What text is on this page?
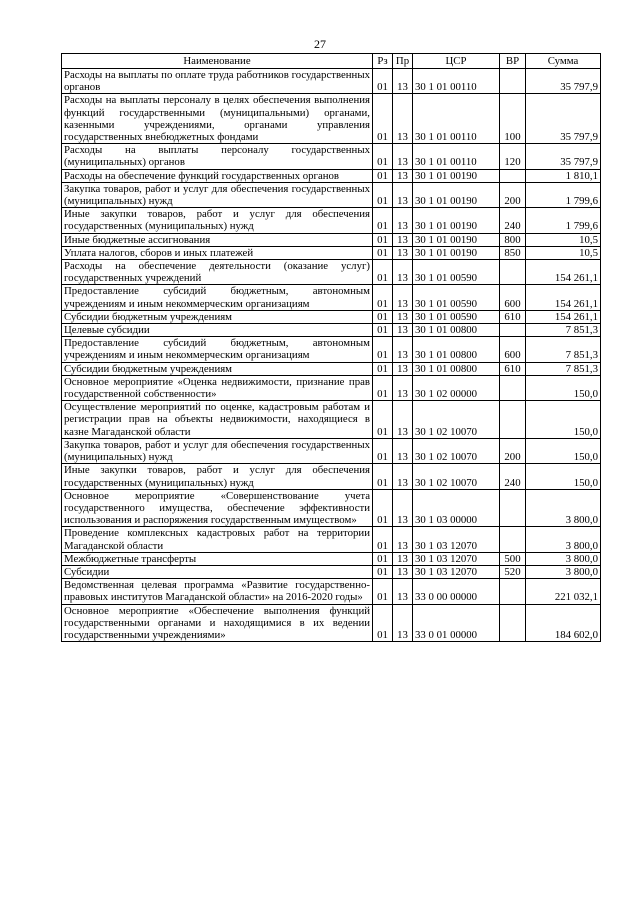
27
Наименование	Рз	Пр	ЦСР	ВР	Сумма
Расходы на выплаты по оплате труда работников государственных органов	01	13	30 1 01 00110		35 797,9
Расходы на выплаты персоналу в целях обеспечения выполнения функций государственными (муниципальными) органами, казенными учреждениями, органами управления государственных внебюджетных фондами	01	13	30 1 01 00110	100	35 797,9
Расходы на выплаты персоналу государственных (муниципальных) органов	01	13	30 1 01 00110	120	35 797,9
Расходы на обеспечение функций государственных органов	01	13	30 1 01 00190		1 810,1
Закупка товаров, работ и услуг для обеспечения государственных (муниципальных) нужд	01	13	30 1 01 00190	200	1 799,6
Иные закупки товаров, работ и услуг для обеспечения государственных (муниципальных) нужд	01	13	30 1 01 00190	240	1 799,6
Иные бюджетные ассигнования	01	13	30 1 01 00190	800	10,5
Уплата налогов, сборов и иных платежей	01	13	30 1 01 00190	850	10,5
Расходы на обеспечение деятельности (оказание услуг) государственных учреждений	01	13	30 1 01 00590		154 261,1
Предоставление субсидий бюджетным, автономным учреждениям и иным некоммерческим организациям	01	13	30 1 01 00590	600	154 261,1
Субсидии бюджетным учреждениям	01	13	30 1 01 00590	610	154 261,1
Целевые субсидии	01	13	30 1 01 00800		7 851,3
Предоставление субсидий бюджетным, автономным учреждениям и иным некоммерческим организациям	01	13	30 1 01 00800	600	7 851,3
Субсидии бюджетным учреждениям	01	13	30 1 01 00800	610	7 851,3
Основное мероприятие «Оценка недвижимости, признание прав государственной собственности»	01	13	30 1 02 00000		150,0
Осуществление мероприятий по оценке, кадастровым работам и регистрации прав на объекты недвижимости, находящиеся в казне Магаданской области	01	13	30 1 02 10070		150,0
Закупка товаров, работ и услуг для обеспечения государственных (муниципальных) нужд	01	13	30 1 02 10070	200	150,0
Иные закупки товаров, работ и услуг для обеспечения государственных (муниципальных) нужд	01	13	30 1 02 10070	240	150,0
Основное мероприятие «Совершенствование учета государственного имущества, обеспечение эффективности использования и распоряжения государственным имуществом»	01	13	30 1 03 00000		3 800,0
Проведение комплексных кадастровых работ на территории Магаданской области	01	13	30 1 03 12070		3 800,0
Межбюджетные трансферты	01	13	30 1 03 12070	500	3 800,0
Субсидии	01	13	30 1 03 12070	520	3 800,0
Ведомственная целевая программа «Развитие государственно-правовых институтов Магаданской области» на 2016-2020 годы»	01	13	33 0 00 00000		221 032,1
Основное мероприятие «Обеспечение выполнения функций государственными органами и находящимися в их ведении государственными учреждениями»	01	13	33 0 01 00000		184 602,0
